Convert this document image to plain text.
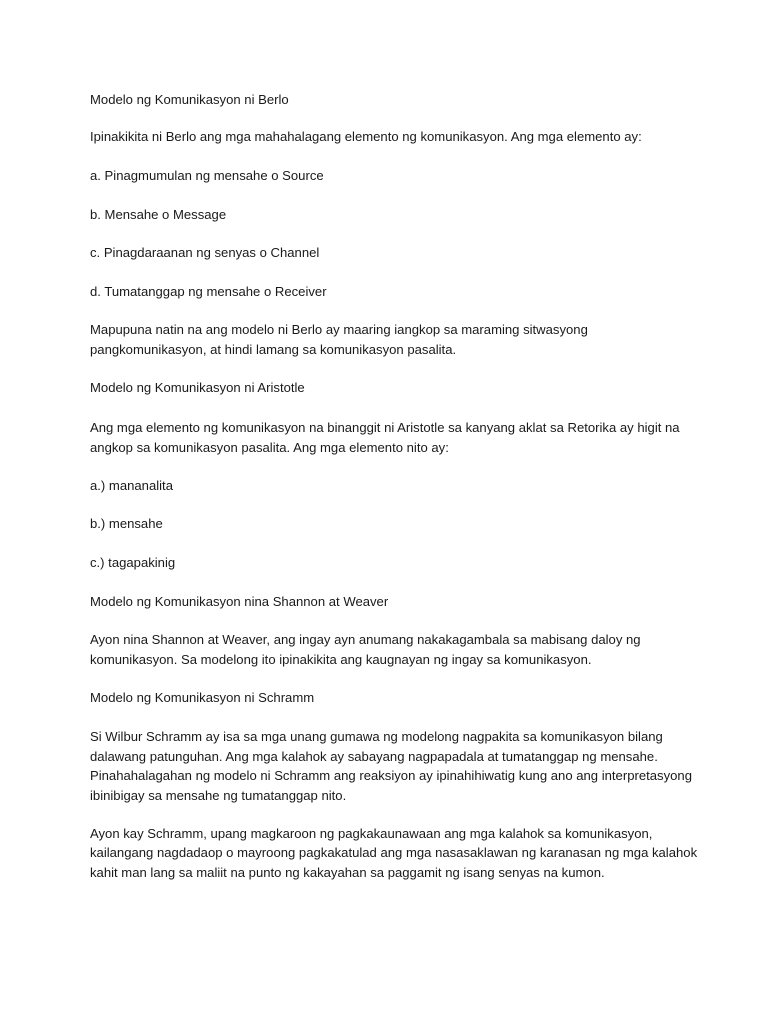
Modelo ng Komunikasyon ni Berlo
Ipinakikita ni Berlo ang mga mahahalagang elemento ng komunikasyon. Ang mga elemento ay:
a. Pinagmumulan ng mensahe o Source
b. Mensahe o Message
c. Pinagdaraanan ng senyas o Channel
d. Tumatanggap ng mensahe o Receiver
Mapupuna natin na ang modelo ni Berlo ay maaring iangkop sa maraming sitwasyong
pangkomunikasyon, at hindi lamang sa komunikasyon pasalita.
Modelo ng Komunikasyon ni Aristotle
Ang mga elemento ng komunikasyon na binanggit ni Aristotle sa kanyang aklat sa Retorika ay higit na
angkop sa komunikasyon pasalita. Ang mga elemento nito ay:
a.) mananalita
b.) mensahe
c.) tagapakinig
Modelo ng Komunikasyon nina Shannon at Weaver
Ayon nina Shannon at Weaver, ang ingay ayn anumang nakakagambala sa mabisang daloy ng
komunikasyon. Sa modelong ito ipinakikita ang kaugnayan ng ingay sa komunikasyon.
Modelo ng Komunikasyon ni Schramm
Si Wilbur Schramm ay isa sa mga unang gumawa ng modelong nagpakita sa komunikasyon bilang
dalawang patunguhan. Ang mga kalahok ay sabayang nagpapadala at tumatanggap ng mensahe.
Pinahahalagahan ng modelo ni Schramm ang reaksiyon ay ipinahihiwatig kung ano ang interpretasyong
ibinibigay sa mensahe ng tumatanggap nito.
Ayon kay Schramm, upang magkaroon ng pagkakaunawaan ang mga kalahok sa komunikasyon,
kailangang nagdadaop o mayroong pagkakatulad ang mga nasasaklawan ng karanasan ng mga kalahok
kahit man lang sa maliit na punto ng kakayahan sa paggamit ng isang senyas na kumon.
